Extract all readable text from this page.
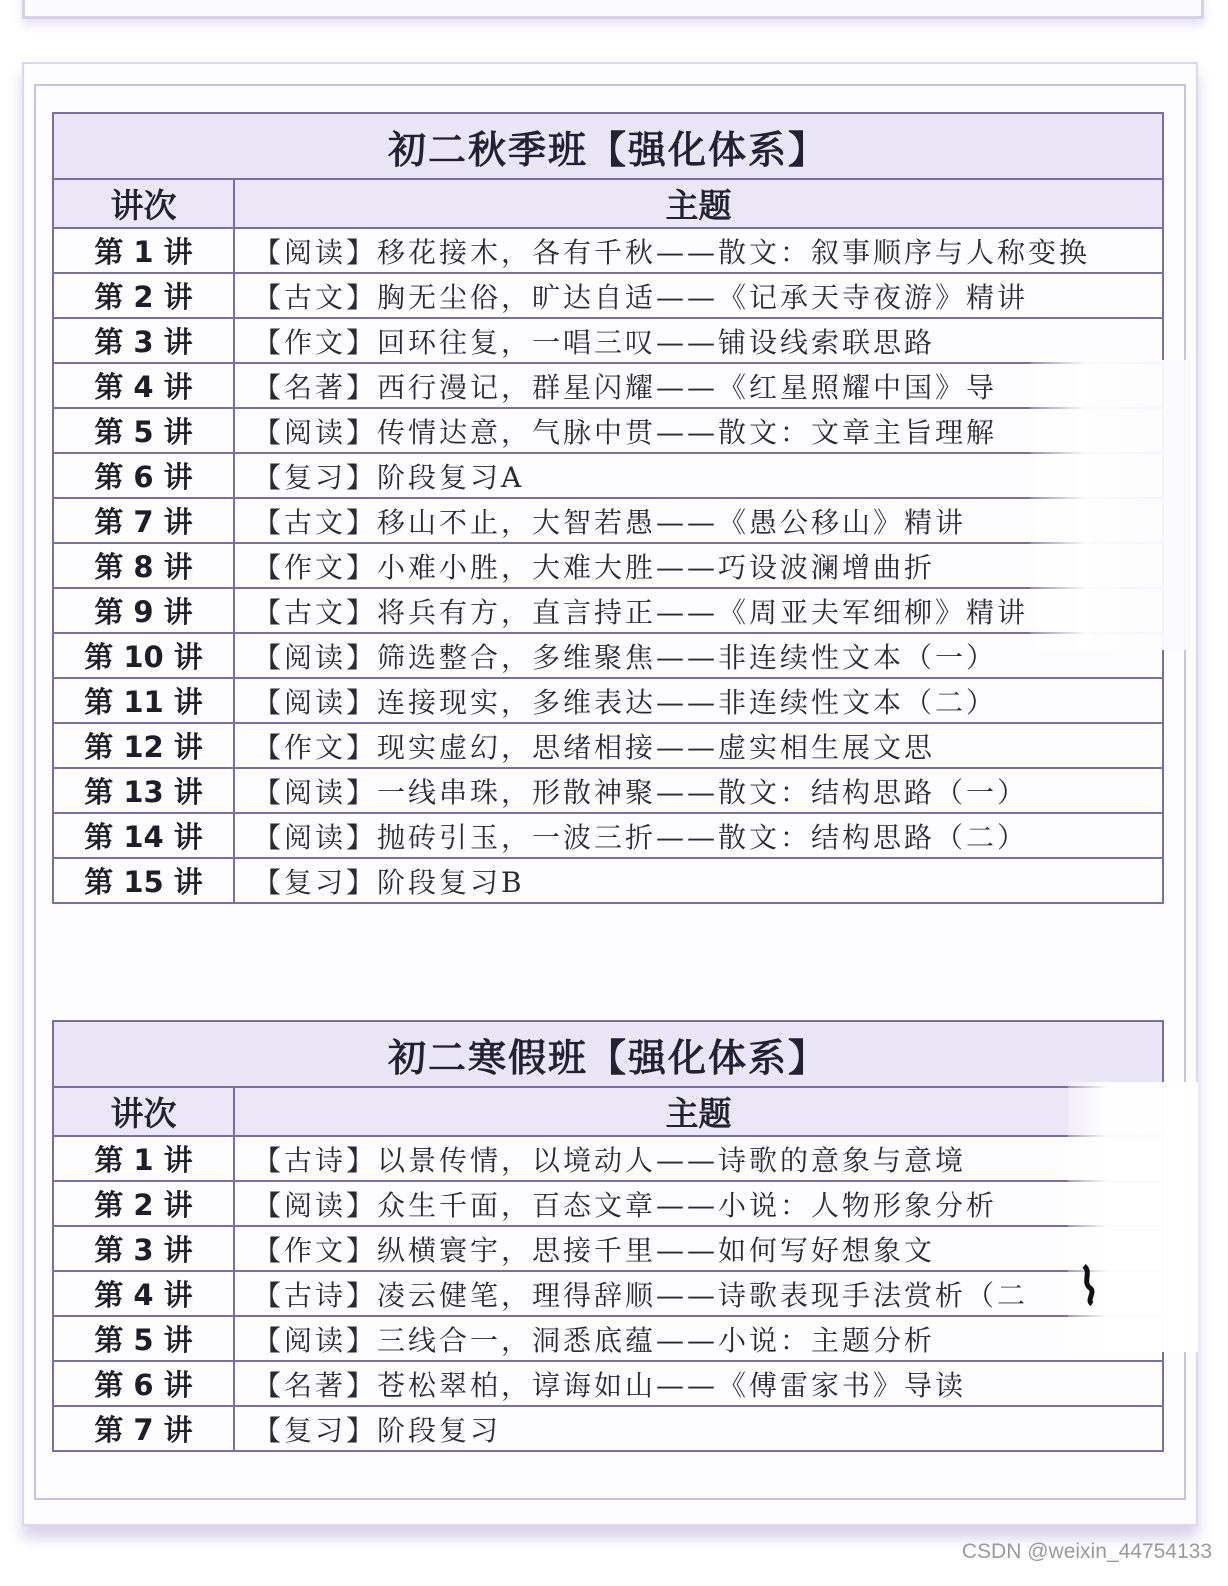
初二秋季班【强化体系】	
讲次	主题
第 1 讲	【阅读】移花接木，各有千秋——散文：叙事顺序与人称变换
第 2 讲	【古文】胸无尘俗，旷达自适——《记承天寺夜游》精讲
第 3 讲	【作文】回环往复，一唱三叹——铺设线索联思路
第 4 讲	【名著】西行漫记，群星闪耀——《红星照耀中国》导
第 5 讲	【阅读】传情达意，气脉中贯——散文：文章主旨理解
第 6 讲	【复习】阶段复习A
第 7 讲	【古文】移山不止，大智若愚——《愚公移山》精讲
第 8 讲	【作文】小难小胜，大难大胜——巧设波澜增曲折
第 9 讲	【古文】将兵有方，直言持正——《周亚夫军细柳》精讲
第 10 讲	【阅读】筛选整合，多维聚焦——非连续性文本（一）
第 11 讲	【阅读】连接现实，多维表达——非连续性文本（二）
第 12 讲	【作文】现实虚幻，思绪相接——虚实相生展文思
第 13 讲	【阅读】一线串珠，形散神聚——散文：结构思路（一）
第 14 讲	【阅读】抛砖引玉，一波三折——散文：结构思路（二）
第 15 讲	【复习】阶段复习B
初二寒假班【强化体系】	
讲次	主题
第 1 讲	【古诗】以景传情，以境动人——诗歌的意象与意境
第 2 讲	【阅读】众生千面，百态文章——小说：人物形象分析
第 3 讲	【作文】纵横寰宇，思接千里——如何写好想象文
第 4 讲	【古诗】凌云健笔，理得辞顺——诗歌表现手法赏析（二
第 5 讲	【阅读】三线合一，洞悉底蕴——小说：主题分析
第 6 讲	【名著】苍松翠柏，谆诲如山——《傅雷家书》导读
第 7 讲	【复习】阶段复习
CSDN @weixin_44754133
